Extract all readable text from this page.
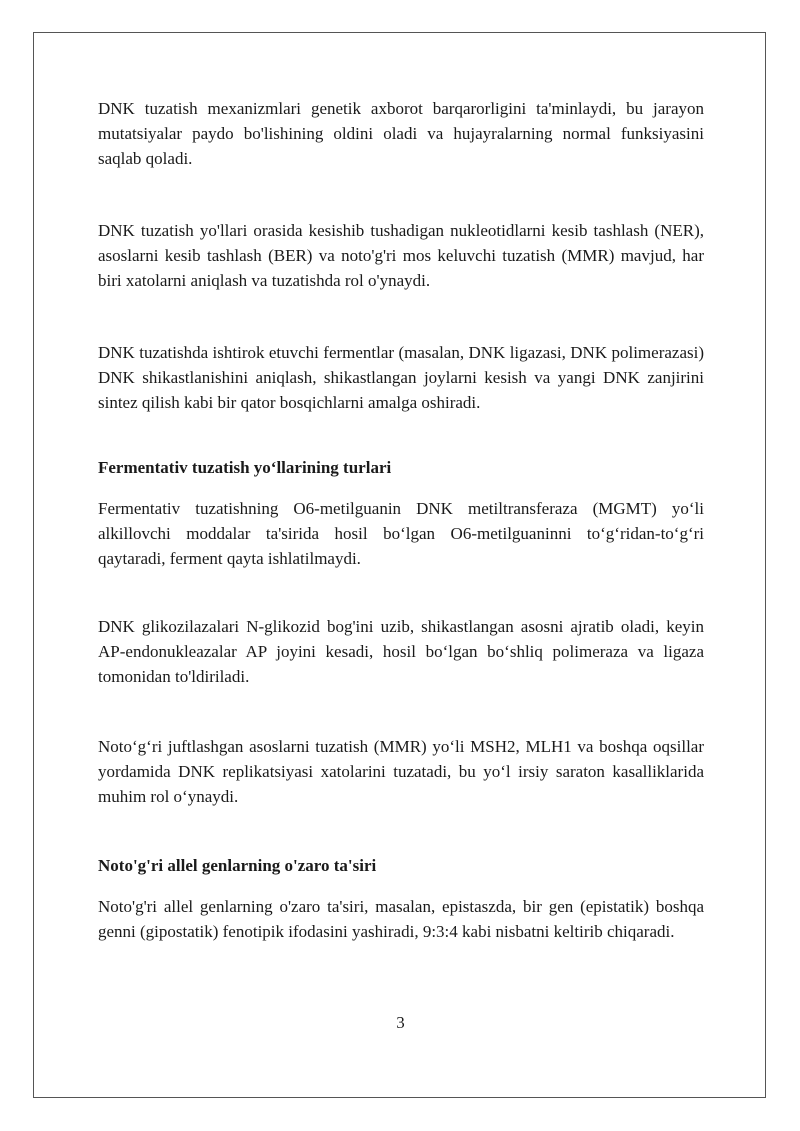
DNK tuzatish mexanizmlari genetik axborot barqarorligini ta'minlaydi, bu jarayon mutatsiyalar paydo bo'lishining oldini oladi va hujayralarning normal funksiyasini saqlab qoladi.

DNK tuzatish yo'llari orasida kesishib tushadigan nukleotidlarni kesib tashlash (NER), asoslarni kesib tashlash (BER) va noto'g'ri mos keluvchi tuzatish (MMR) mavjud, har biri xatolarni aniqlash va tuzatishda rol o'ynaydi.

DNK tuzatishda ishtirok etuvchi fermentlar (masalan, DNK ligazasi, DNK polimerazasi) DNK shikastlanishini aniqlash, shikastlangan joylarni kesish va yangi DNK zanjirini sintez qilish kabi bir qator bosqichlarni amalga oshiradi.

Fermentativ tuzatish yo‘llarining turlari

Fermentativ tuzatishning O6-metilguanin DNK metiltransferaza (MGMT) yo‘li alkillovchi moddalar ta'sirida hosil bo‘lgan O6-metilguaninni to‘g‘ridan-to‘g‘ri qaytaradi, ferment qayta ishlatilmaydi.

DNK glikozilazalari N-glikozid bog'ini uzib, shikastlangan asosni ajratib oladi, keyin AP-endonukleazalar AP joyini kesadi, hosil bo‘lgan bo‘shliq polimeraza va ligaza tomonidan to'ldiriladi.

Noto‘g‘ri juftlashgan asoslarni tuzatish (MMR) yo‘li MSH2, MLH1 va boshqa oqsillar yordamida DNK replikatsiyasi xatolarini tuzatadi, bu yo‘l irsiy saraton kasalliklarida muhim rol o‘ynaydi.

Noto'g'ri allel genlarning o'zaro ta'siri

Noto'g'ri allel genlarning o'zaro ta'siri, masalan, epistaszda, bir gen (epistatik) boshqa genni (gipostatik) fenotipik ifodasini yashiradi, 9:3:4 kabi nisbatni keltirib chiqaradi.

3
